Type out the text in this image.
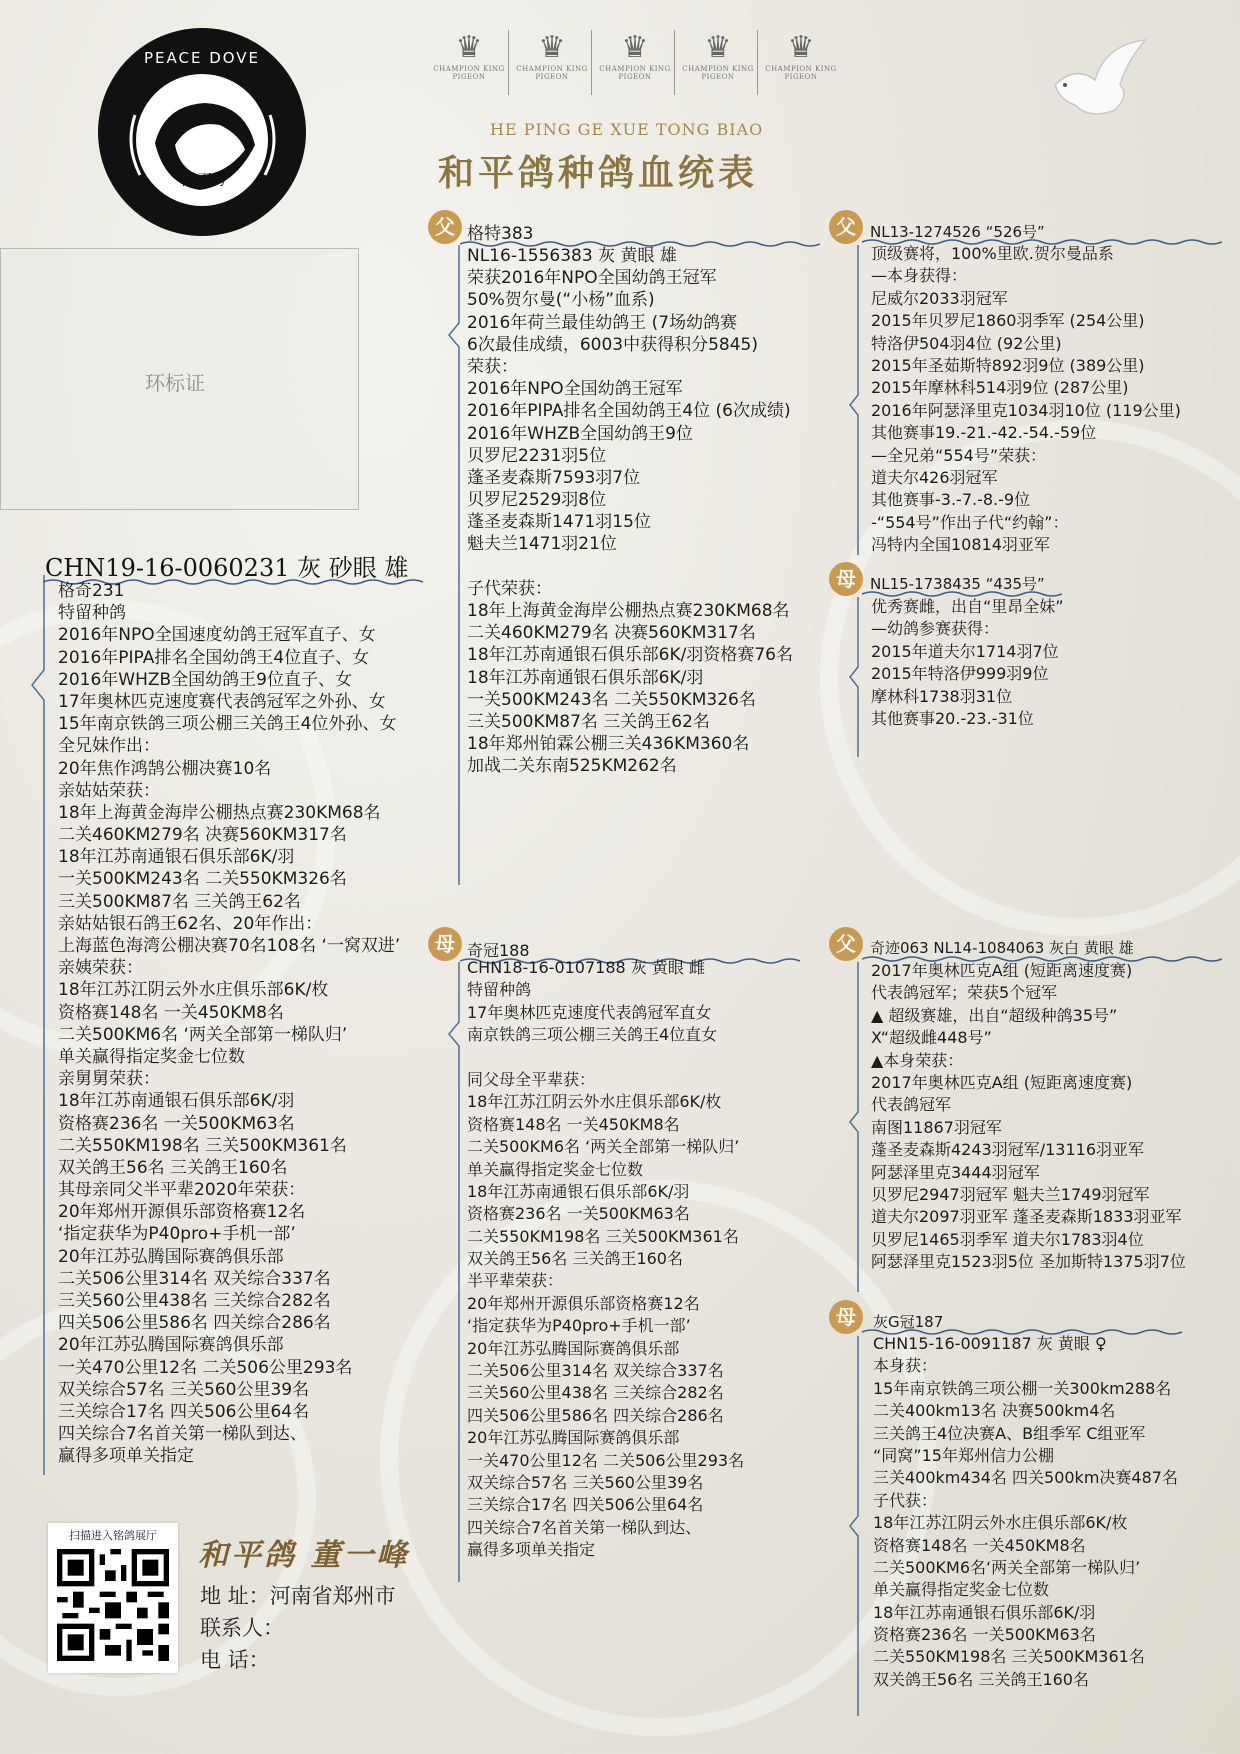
和平鸽
PEACE DOVE	♛
CHAMPION KING PIGEON
♛
CHAMPION KING PIGEON
♛
CHAMPION KING PIGEON
♛
CHAMPION KING PIGEON
♛
CHAMPION KING PIGEON
HE PING GE XUE TONG BIAO
和平鸽种鸽血统表
环标证
CHN19-16-0060231 灰 砂眼 雄
格奇231
特留种鸽
2016年NPO全国速度幼鸽王冠军直子、女
2016年PIPA排名全国幼鸽王4位直子、女
2016年WHZB全国幼鸽王9位直子、女
17年奥林匹克速度赛代表鸽冠军之外孙、女
15年南京铁鸽三项公棚三关鸽王4位外孙、女
全兄妹作出：
20年焦作鸿鹄公棚决赛10名
亲姑姑荣获：
18年上海黄金海岸公棚热点赛230KM68名
二关460KM279名 决赛560KM317名
18年江苏南通银石俱乐部6K/羽
一关500KM243名 二关550KM326名
三关500KM87名 三关鸽王62名
亲姑姑银石鸽王62名、20年作出：
上海蓝色海湾公棚决赛70名108名 ‘一窝双进’
亲姨荣获：
18年江苏江阴云外水庄俱乐部6K/枚
资格赛148名 一关450KM8名
二关500KM6名 ‘两关全部第一梯队归’
单关赢得指定奖金七位数
亲舅舅荣获：
18年江苏南通银石俱乐部6K/羽
资格赛236名 一关500KM63名
二关550KM198名 三关500KM361名
双关鸽王56名 三关鸽王160名
其母亲同父半平辈2020年荣获：
20年郑州开源俱乐部资格赛12名
‘指定获华为P40pro+手机一部’
20年江苏弘腾国际赛鸽俱乐部
二关506公里314名 双关综合337名
三关560公里438名 三关综合282名
四关506公里586名 四关综合286名
20年江苏弘腾国际赛鸽俱乐部
一关470公里12名 二关506公里293名
双关综合57名 三关560公里39名
三关综合17名 四关506公里64名
四关综合7名首关第一梯队到达、
赢得多项单关指定
父 格特383
NL16-1556383 灰 黄眼 雄
荣获2016年NPO全国幼鸽王冠军
50%贺尔曼(“小杨”血系)
2016年荷兰最佳幼鸽王 (7场幼鸽赛
6次最佳成绩，6003中获得积分5845)
荣获：
2016年NPO全国幼鸽王冠军
2016年PIPA排名全国幼鸽王4位 (6次成绩)
2016年WHZB全国幼鸽王9位
贝罗尼2231羽5位
蓬圣麦森斯7593羽7位
贝罗尼2529羽8位
蓬圣麦森斯1471羽15位
魁夫兰1471羽21位
子代荣获：
18年上海黄金海岸公棚热点赛230KM68名
二关460KM279名 决赛560KM317名
18年江苏南通银石俱乐部6K/羽资格赛76名
18年江苏南通银石俱乐部6K/羽
一关500KM243名 二关550KM326名
三关500KM87名 三关鸽王62名
18年郑州铂霖公棚三关436KM360名
加战二关东南525KM262名
父 NL13-1274526 “526号”
顶级赛将，100%里欧.贺尔曼品系
—本身获得：
尼威尔2033羽冠军
2015年贝罗尼1860羽季军 (254公里)
特洛伊504羽4位 (92公里)
2015年圣茹斯特892羽9位 (389公里)
2015年摩林科514羽9位 (287公里)
2016年阿瑟泽里克1034羽10位 (119公里)
其他赛事19.-21.-42.-54.-59位
—全兄弟“554号”荣获：
道夫尔426羽冠军
其他赛事-3.-7.-8.-9位
-“554号”作出子代“约翰”：
冯特内全国10814羽亚军
母 NL15-1738435 “435号”
优秀赛雌，出自“里昂全妹”
—幼鸽参赛获得：
2015年道夫尔1714羽7位
2015年特洛伊999羽9位
摩林科1738羽31位
其他赛事20.-23.-31位
母 奇冠188
CHN18-16-0107188 灰 黄眼 雌
特留种鸽
17年奥林匹克速度代表鸽冠军直女
南京铁鸽三项公棚三关鸽王4位直女
同父母全平辈获：
18年江苏江阴云外水庄俱乐部6K/枚
资格赛148名 一关450KM8名
二关500KM6名 ‘两关全部第一梯队归’
单关赢得指定奖金七位数
18年江苏南通银石俱乐部6K/羽
资格赛236名 一关500KM63名
二关550KM198名 三关500KM361名
双关鸽王56名 三关鸽王160名
半平辈荣获：
20年郑州开源俱乐部资格赛12名
‘指定获华为P40pro+手机一部’
20年江苏弘腾国际赛鸽俱乐部
二关506公里314名 双关综合337名
三关560公里438名 三关综合282名
四关506公里586名 四关综合286名
20年江苏弘腾国际赛鸽俱乐部
一关470公里12名 二关506公里293名
双关综合57名 三关560公里39名
三关综合17名 四关506公里64名
四关综合7名首关第一梯队到达、
赢得多项单关指定
父 奇迹063 NL14-1084063 灰白 黄眼 雄
2017年奥林匹克A组 (短距离速度赛)
代表鸽冠军；荣获5个冠军
▲ 超级赛雄，出自“超级种鸽35号”
X“超级雌448号”
▲本身荣获：
2017年奥林匹克A组 (短距离速度赛)
代表鸽冠军
南图11867羽冠军
蓬圣麦森斯4243羽冠军/13116羽亚军
阿瑟泽里克3444羽冠军
贝罗尼2947羽冠军 魁夫兰1749羽冠军
道夫尔2097羽亚军 蓬圣麦森斯1833羽亚军
贝罗尼1465羽季军 道夫尔1783羽4位
阿瑟泽里克1523羽5位 圣加斯特1375羽7位
母	灰G冠187
CHN15-16-0091187 灰 黄眼 ♀
本身获：
15年南京铁鸽三项公棚一关300km288名
二关400km13名 决赛500km4名
三关鸽王4位决赛A、B组季军 C组亚军
“同窝”15年郑州信力公棚
三关400km434名 四关500km决赛487名
子代获：
18年江苏江阴云外水庄俱乐部6K/枚
资格赛148名 一关450KM8名
二关500KM6名‘两关全部第一梯队归’
单关赢得指定奖金七位数
18年江苏南通银石俱乐部6K/羽
资格赛236名 一关500KM63名
二关550KM198名 三关500KM361名
双关鸽王56名 三关鸽王160名
扫描进入铭鸽展厅
和平鸽 董一峰
地 址：河南省郑州市
联系人：
电 话：
